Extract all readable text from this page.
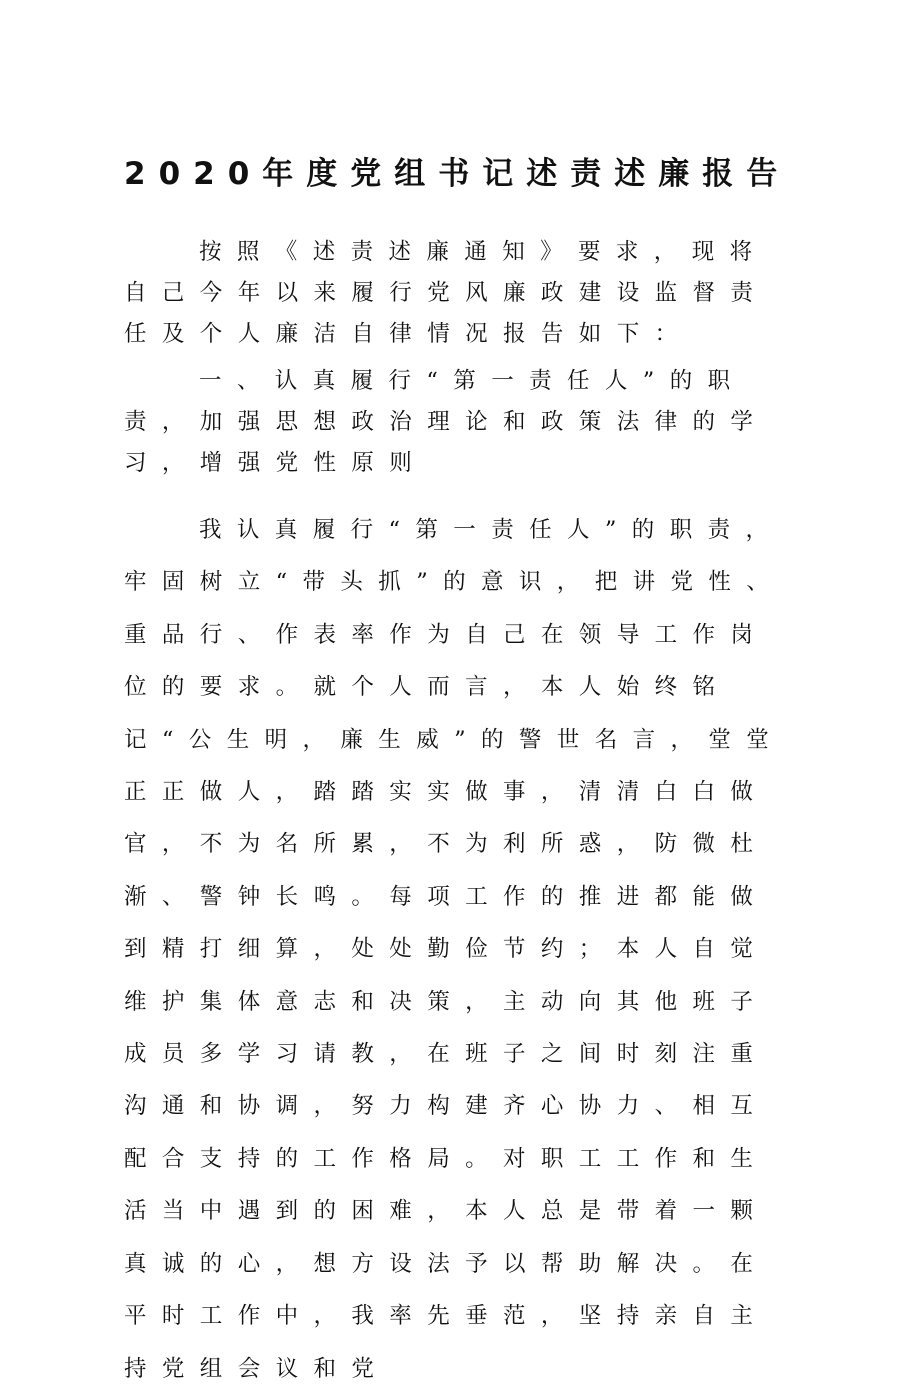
2020年度党组书记述责述廉报告

按照《述责述廉通知》要求，现将自己今年以来履行党风廉政建设监督责任及个人廉洁自律情况报告如下：

一、认真履行“第一责任人”的职责，加强思想政治理论和政策法律的学习，增强党性原则

我认真履行“第一责任人”的职责，牢固树立“带头抓”的意识，把讲党性、重品行、作表率作为自己在领导工作岗位的要求。就个人而言，本人始终铭记“公生明，廉生威”的警世名言，堂堂正正做人，踏踏实实做事，清清白白做官，不为名所累，不为利所惑，防微杜渐、警钟长鸣。每项工作的推进都能做到精打细算，处处勤俭节约；本人自觉维护集体意志和决策，主动向其他班子成员多学习请教，在班子之间时刻注重沟通和协调，努力构建齐心协力、相互配合支持的工作格局。对职工工作和生活当中遇到的困难，本人总是带着一颗真诚的心，想方设法予以帮助解决。在平时工作中，我率先垂范，坚持亲自主持党组会议和党
